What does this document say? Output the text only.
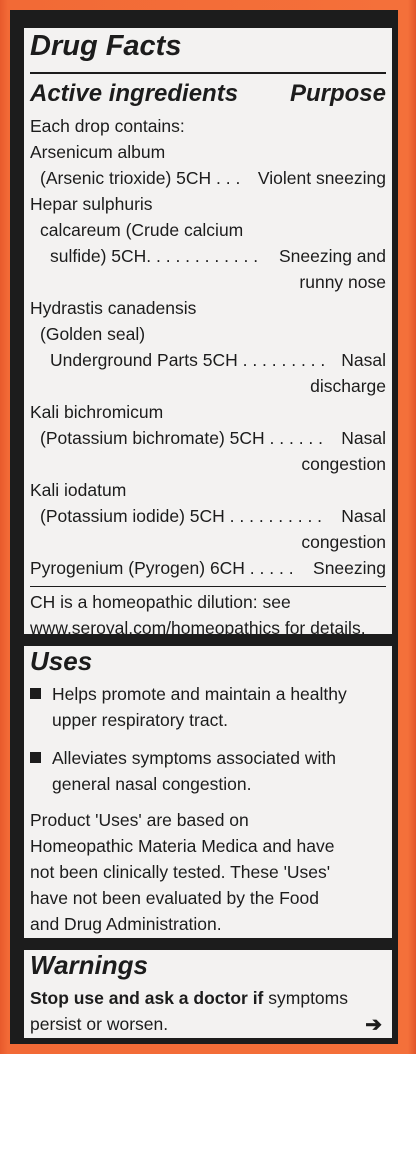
Drug Facts
Active ingredients Purpose
Each drop contains:
Arsenicum album
(Arsenic trioxide) 5CH . . . Violent sneezing
Hepar sulphuris
calcareum (Crude calcium
sulfide) 5CH. . . . . . . . . . . . Sneezing and
runny nose
Hydrastis canadensis
(Golden seal)
Underground Parts 5CH . . . . . . . . . Nasal
discharge
Kali bichromicum
(Potassium bichromate) 5CH . . . . . . Nasal
congestion
Kali iodatum
(Potassium iodide) 5CH . . . . . . . . . . Nasal
congestion
Pyrogenium (Pyrogen) 6CH . . . . . Sneezing
CH is a homeopathic dilution: see
www.seroyal.com/homeopathics for details.
Uses
Helps promote and maintain a healthy
upper respiratory tract.
Alleviates symptoms associated with
general nasal congestion.
Product 'Uses' are based on
Homeopathic Materia Medica and have
not been clinically tested. These 'Uses'
have not been evaluated by the Food
and Drug Administration.
Warnings
Stop use and ask a doctor if symptoms
persist or worsen.	➔
